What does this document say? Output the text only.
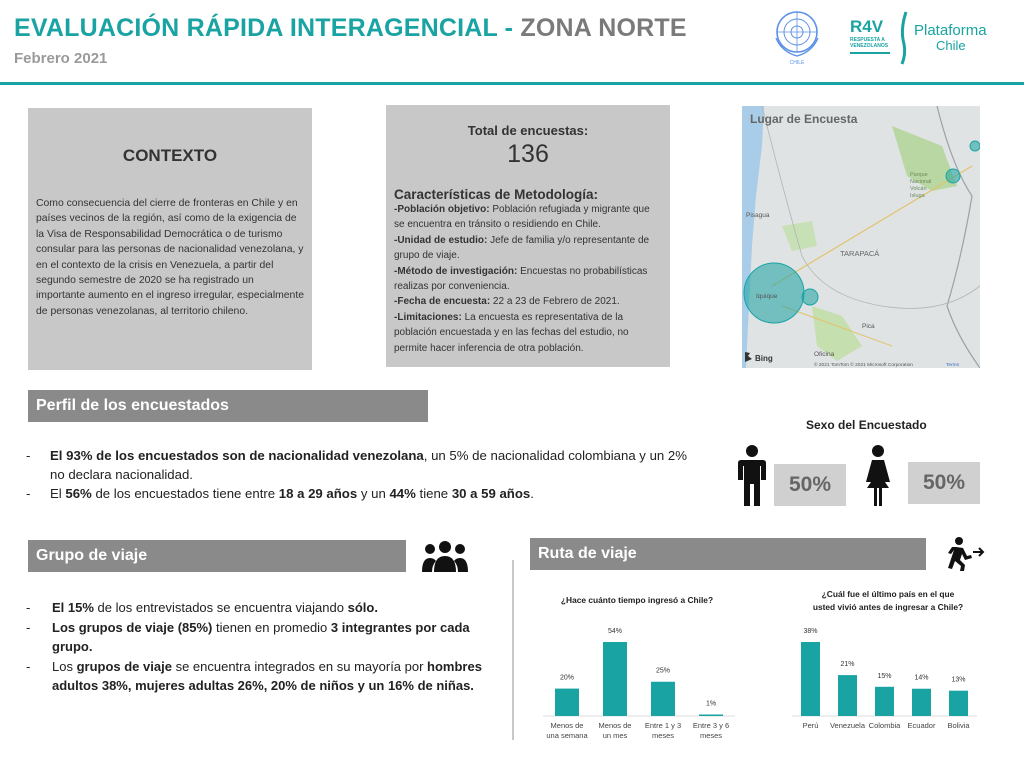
EVALUACIÓN RÁPIDA INTERAGENCIAL - ZONA NORTE
Febrero 2021	CHILE
R4V
RESPUESTA A
VENEZOLANOS
Plataforma
Chile
CONTEXTO
Como consecuencia del cierre de fronteras en Chile y en países vecinos de la región, así como de la exigencia de la Visa de Responsabilidad Democrática o de turismo consular para las personas de nacionalidad venezolana, y en el contexto de la crisis en Venezuela, a partir del segundo semestre de 2020 se ha registrado un importante aumento en el ingreso irregular, especialmente de personas venezolanas, al territorio chileno.
Total de encuestas:
136
Características de Metodología:
-Población objetivo: Población refugiada y migrante que se encuentra en tránsito o residiendo en Chile.
-Unidad de estudio: Jefe de familia y/o representante de grupo de viaje.
-Método de investigación: Encuestas no probabilísticas realizas por conveniencia.
-Fecha de encuesta: 22 a 23 de Febrero de 2021.
-Limitaciones: La encuesta es representativa de la población encuestada y en las fechas del estudio, no permite hacer inferencia de otra población.
Parque
Nacional
Volcán
Isluga
Pisagua
TARAPACÁ
Iquique
Pica
Oficina
Bing
© 2021 TomTom © 2021 Microsoft Corporation	Terms
Lugar de Encuesta
Perfil de los encuestados
- El 93% de los encuestados son de nacionalidad venezolana, un 5% de nacionalidad colombiana y un 2% no declara nacionalidad.
- El 56% de los encuestados tiene entre 18 a 29 años y un 44% tiene 30 a 59 años.
Sexo del Encuestado
50%	50%
Grupo de viaje
- El 15% de los entrevistados se encuentra viajando sólo.
- Los grupos de viaje (85%) tienen en promedio 3 integrantes por cada grupo.
- Los grupos de viaje se encuentra integrados en su mayoría por hombres adultos 38%, mujeres adultas 26%, 20% de niños y un 16% de niñas.
Ruta de viaje
¿Hace cuánto tiempo ingresó a Chile?
20%
Menos de
una semana
54%
Menos de
un mes
25%
Entre 1 y 3
meses
1%
Entre 3 y 6
meses
¿Cuál fue el último país en el que
usted vivió antes de ingresar a Chile?
38%
Perú
21%
Venezuela
15%
Colombia
14%
Ecuador
13%
Bolivia
